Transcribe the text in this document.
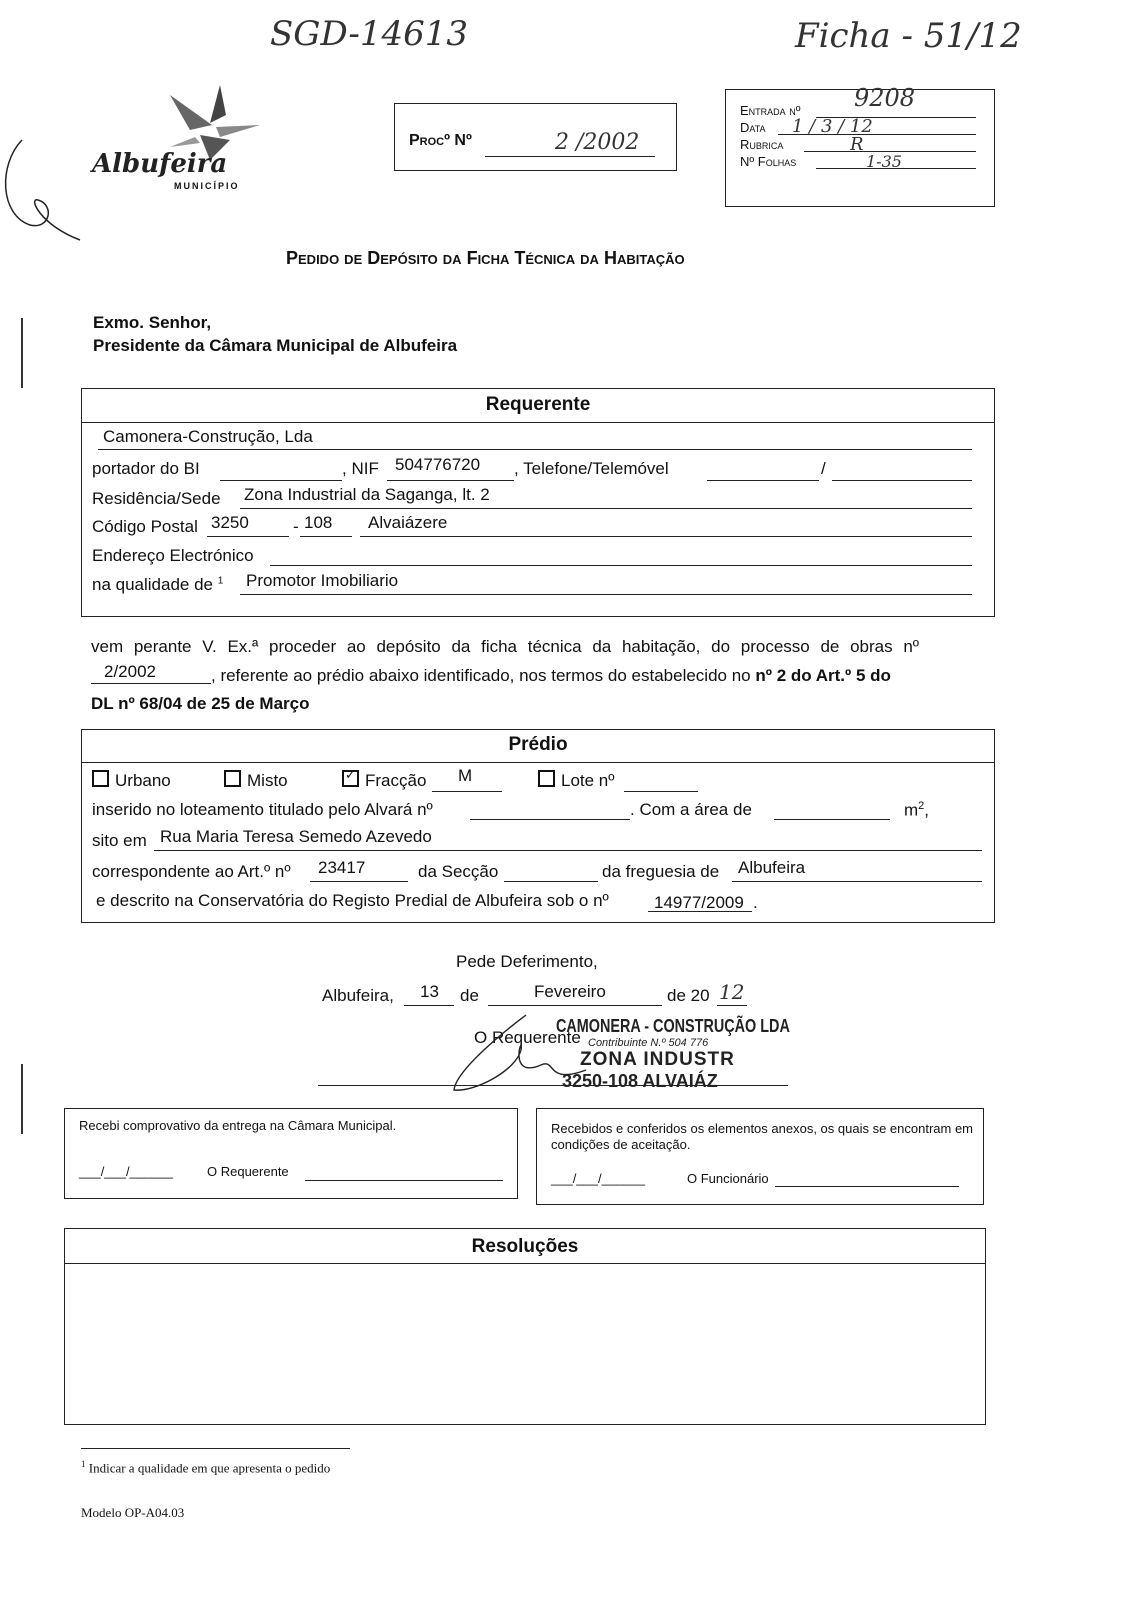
SGD-14613	Ficha - 51/12
Albufeira
MUNICÍPIO
Procº Nº	2 /2002
Entrada nº
Data
Rubrica
Nº Folhas
9208
1 / 3 / 12
R
1-35
Pedido de Depósito da Ficha Técnica da Habitação
Exmo. Senhor,
Presidente da Câmara Municipal de Albufeira
Requerente
Camonera-Construção, Lda
portador do BI	, NIF 504776720 , Telefone/Telemóvel	/
Residência/Sede Zona Industrial da Saganga, lt. 2
Código Postal 3250	- 108 Alvaiázere
Endereço Electrónico
na qualidade de $^1$ Promotor Imobiliario
vem perante V. Ex.ª proceder ao depósito da ficha técnica da habitação, do processo de obras nº
2/2002	, referente ao prédio abaixo identificado, nos termos do estabelecido no nº 2 do Art.º 5 do
DL nº 68/04 de 25 de Março
Prédio
Urbano	Misto
✓	Fracção M	Lote nº
inserido no loteamento titulado pelo Alvará nº	. Com a área de	$m^2$,
sito em Rua Maria Teresa Semedo Azevedo
correspondente ao Art.º nº 23417	da Secção	da freguesia de Albufeira
e descrito na Conservatória do Registo Predial de Albufeira sob o nº	14977/2009 .
Pede Deferimento,
Albufeira, 13 de	Fevereiro	de 20 12
O Requerente
CAMONERA - CONSTRUÇÃO LDA
Contribuinte N.º 504 776
ZONA INDUSTR
3250-108 ALVAIÁZ
Recebi comprovativo da entrega na Câmara Municipal.
___/___/______	O Requerente
Recebidos e conferidos os elementos anexos, os quais se encontram em condições de aceitação.
___/___/______	O Funcionário
Resoluções
$^1$ Indicar a qualidade em que apresenta o pedido
Modelo OP-A04.03
